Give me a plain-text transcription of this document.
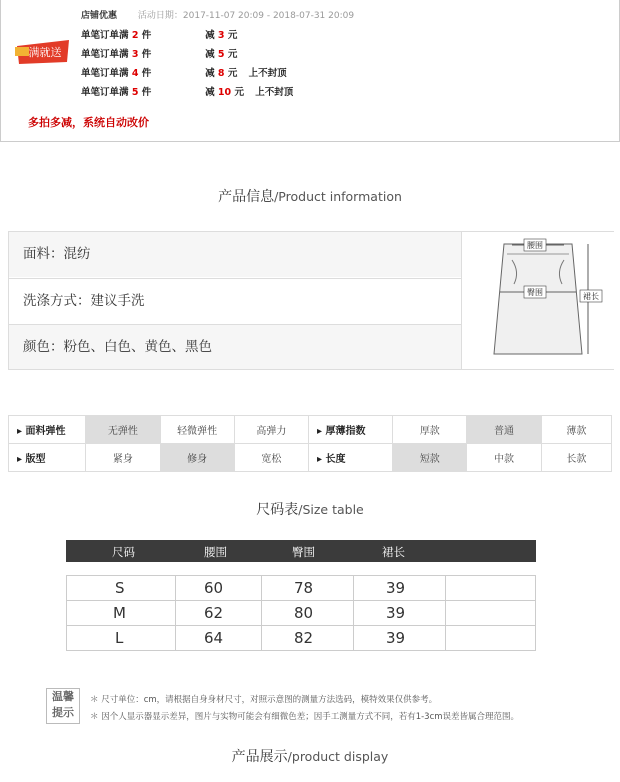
满就送
店铺优惠 活动日期：2017-11-07 20:09 - 2018-07-31 20:09
单笔订单满 2 件	减 3 元
单笔订单满 3 件	减 5 元
单笔订单满 4 件	减 8 元 上不封顶
单笔订单满 5 件	减 10 元 上不封顶
多拍多减，系统自动改价
产品信息/Product information
面料：混纺
洗涤方式：建议手洗
颜色：粉色、白色、黄色、黑色
腰围
臀围	裙长
▸ 面料弹性	无弹性	轻微弹性	高弹力	▸ 厚薄指数	厚款	普通	薄款
▸ 版型	紧身	修身	宽松	▸ 长度	短款	中款	长款
尺码表/Size table
尺码	腰围	臀围	裙长
S	60	78	39
M	62	80	39
L	64	82	39
温馨
提示
＊ 尺寸单位：cm，请根据自身身材尺寸，对照示意图的测量方法选码，模特效果仅供参考。
＊ 因个人显示器显示差异，图片与实物可能会有细微色差；因手工测量方式不同，若有1-3cm误差皆属合理范围。
产品展示/product display
